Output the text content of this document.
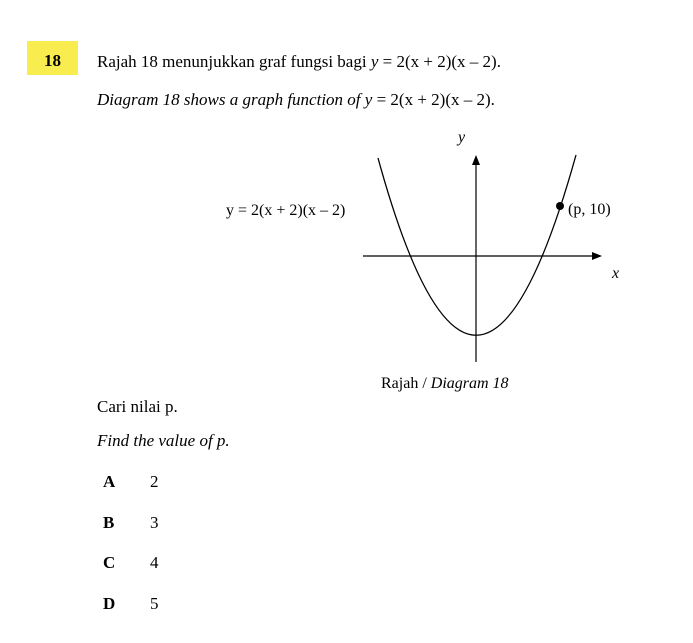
18 Rajah 18 menunjukkan graf fungsi bagi y = 2(x + 2)(x – 2).
Diagram 18 shows a graph function of y = 2(x + 2)(x – 2).
y
x
y = 2(x + 2)(x – 2)	(p, 10)
Rajah / Diagram 18
Cari nilai p.
Find the value of p.
A 2
B 3
C 4
D 5
